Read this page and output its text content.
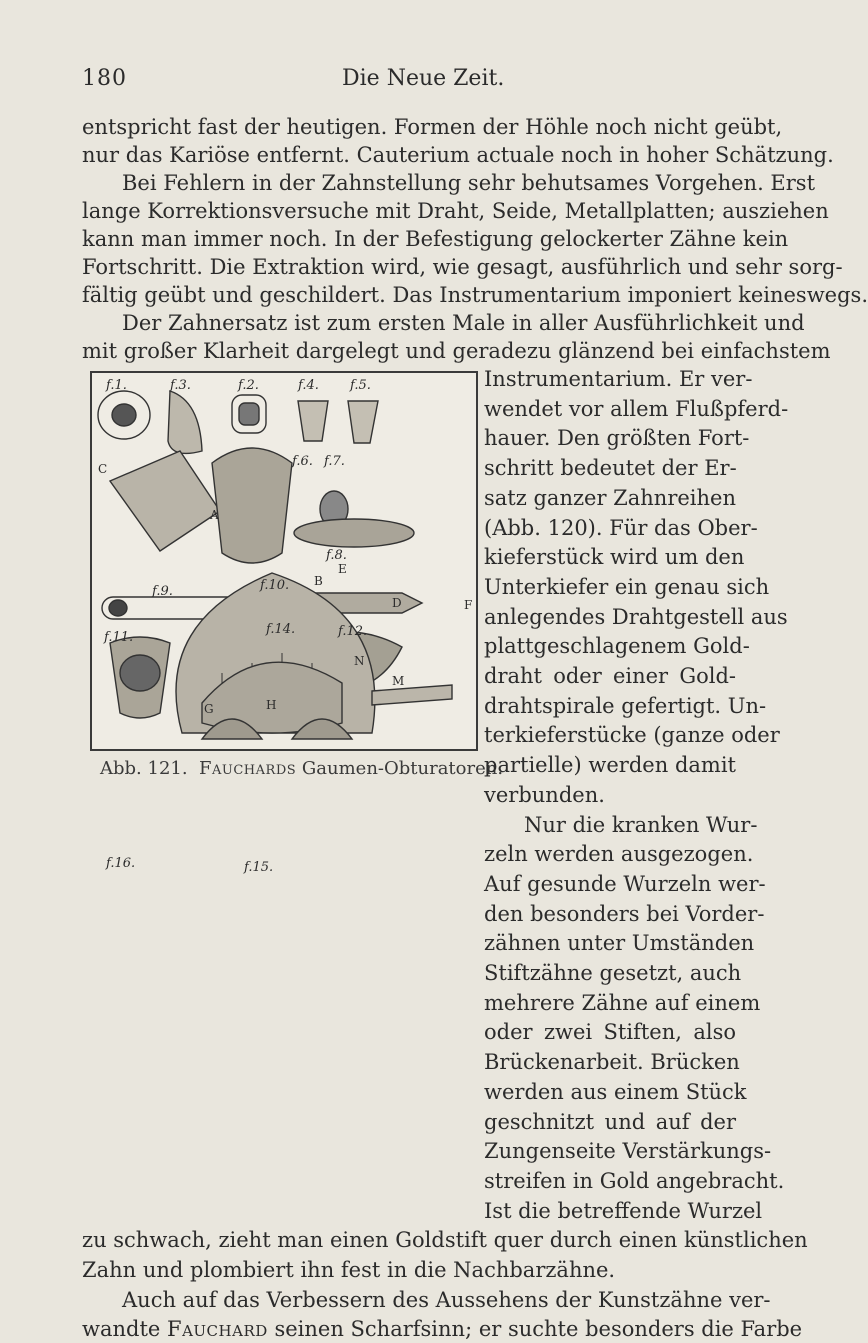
180	Die Neue Zeit.
entspricht fast der heutigen. Formen der Höhle noch nicht geübt,
nur das Kariöse entfernt. Cauterium actuale noch in hoher Schätzung.
Bei Fehlern in der Zahnstellung sehr behutsames Vorgehen. Erst
lange Korrektionsversuche mit Draht, Seide, Metallplatten; ausziehen
kann man immer noch. In der Befestigung gelockerter Zähne kein
Fortschritt. Die Extraktion wird, wie gesagt, ausführlich und sehr sorg-
fältig geübt und geschildert. Das Instrumentarium imponiert keineswegs.
Der Zahnersatz ist zum ersten Male in aller Ausführlichkeit und
mit großer Klarheit dargelegt und geradezu glänzend bei einfachstem
f.1.	f.2.
f.3.	f.4. f.5.
f.6. f.7.
f.8.
f.9.	f.10.
f.11.	f.12.
f.14.
f.15.
f.16.
A
B
C
D
E
F
G	H
M
N
Abb. 121. Fauchards Gaumen-Obturatoren.
Instrumentarium. Er ver-
wendet vor allem Flußpferd-
hauer. Den größten Fort-
schritt bedeutet der Er-
satz ganzer Zahnreihen
(Abb. 120). Für das Ober-
kieferstück wird um den
Unterkiefer ein genau sich
anlegendes Drahtgestell aus
plattgeschlagenem Gold-
draht oder einer Gold-
drahtspirale gefertigt. Un-
terkieferstücke (ganze oder
partielle) werden damit
verbunden.
Nur die kranken Wur-
zeln werden ausgezogen.
Auf gesunde Wurzeln wer-
den besonders bei Vorder-
zähnen unter Umständen
Stiftzähne gesetzt, auch
mehrere Zähne auf einem
oder zwei Stiften, also
Brückenarbeit. Brücken
werden aus einem Stück
geschnitzt und auf der
Zungenseite Verstärkungs-
streifen in Gold angebracht.
Ist die betreffende Wurzel
zu schwach, zieht man einen Goldstift quer durch einen künstlichen
Zahn und plombiert ihn fest in die Nachbarzähne.
Auch auf das Verbessern des Aussehens der Kunstzähne ver-
wandte Fauchard seinen Scharfsinn; er suchte besonders die Farbe
